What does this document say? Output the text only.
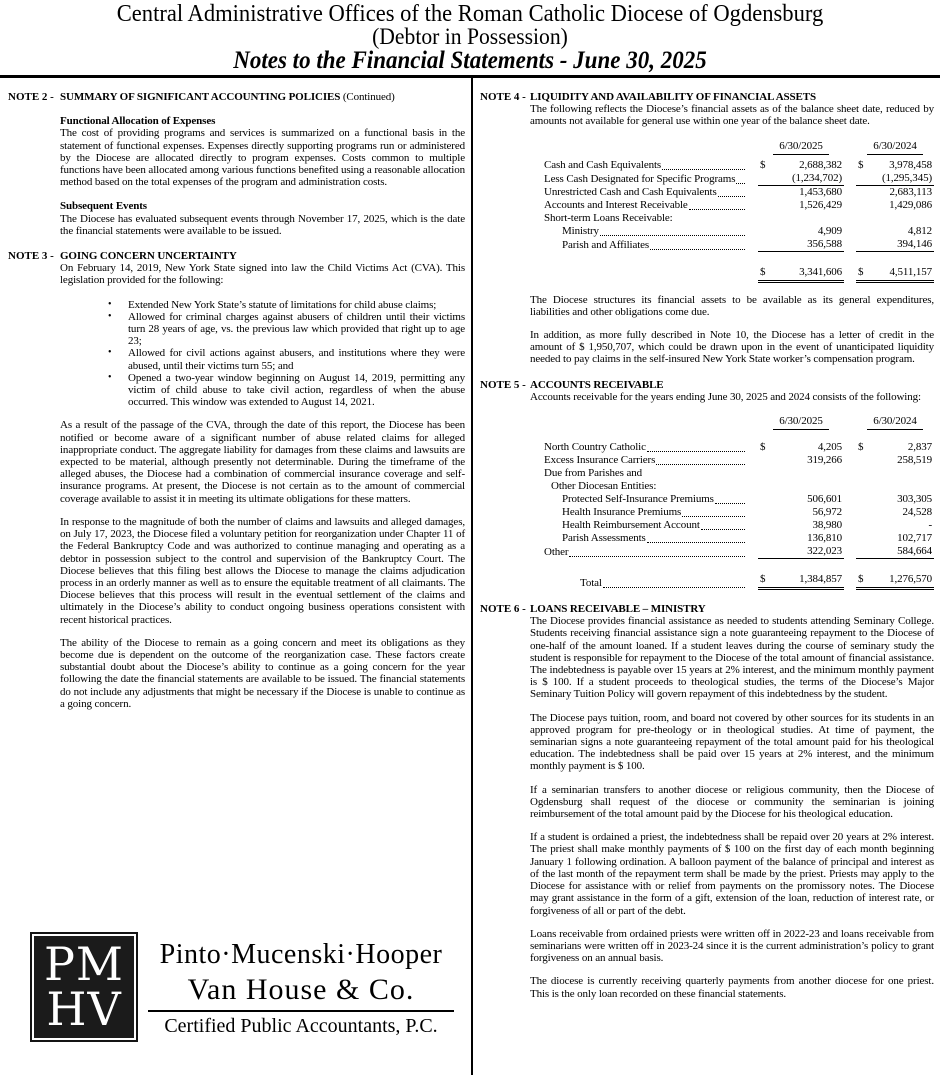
Central Administrative Offices of the Roman Catholic Diocese of Ogdensburg
(Debtor in Possession)
Notes to the Financial Statements - June 30, 2025
NOTE 2 - SUMMARY OF SIGNIFICANT ACCOUNTING POLICIES (Continued)
Functional Allocation of Expenses
The cost of providing programs and services is summarized on a functional basis in the statement of functional expenses. Expenses directly supporting programs run or administered by the Diocese are allocated directly to program expenses. Costs common to multiple functions have been allocated among various functions benefited using a reasonable allocation method based on the total expenses of the program and administration costs.
Subsequent Events
The Diocese has evaluated subsequent events through November 17, 2025, which is the date the financial statements were available to be issued.
NOTE 3 - GOING CONCERN UNCERTAINTY
On February 14, 2019, New York State signed into law the Child Victims Act (CVA). This legislation provided for the following:
•	Extended New York State’s statute of limitations for child abuse claims;
•	Allowed for criminal charges against abusers of children until their victims turn 28 years of age, vs. the previous law which provided that right up to age 23;
•	Allowed for civil actions against abusers, and institutions where they were abused, until their victims turn 55; and
•	Opened a two-year window beginning on August 14, 2019, permitting any victim of child abuse to take civil action, regardless of when the abuse occurred. This window was extended to August 14, 2021.
As a result of the passage of the CVA, through the date of this report, the Diocese has been notified or become aware of a significant number of abuse related claims for alleged inappropriate conduct. The aggregate liability for damages from these claims and lawsuits are expected to be material, although presently not determinable. During the timeframe of the alleged abuses, the Diocese had a combination of commercial insurance coverage and self-insurance programs. At present, the Diocese is not certain as to the amount of commercial coverage available to assist it in meeting its ultimate obligations for these matters.
In response to the magnitude of both the number of claims and lawsuits and alleged damages, on July 17, 2023, the Diocese filed a voluntary petition for reorganization under Chapter 11 of the Federal Bankruptcy Code and was authorized to continue managing and operating as a debtor in possession subject to the control and supervision of the Bankruptcy Court. The Diocese believes that this filing best allows the Diocese to manage the claims adjudication process in an orderly manner as well as to ensure the equitable treatment of all claimants. The Diocese believes that this process will result in the eventual settlement of the claims and ultimately in the Diocese’s ability to conduct ongoing business operations consistent with recent historical practices.
The ability of the Diocese to remain as a going concern and meet its obligations as they become due is dependent on the outcome of the reorganization case. These factors create substantial doubt about the Diocese’s ability to continue as a going concern for the year following the date the financial statements are available to be issued. The financial statements do not include any adjustments that might be necessary if the Diocese is unable to continue as a going concern.
PM
HV
Pinto·Mucenski·Hooper
Van House & Co.
Certified Public Accountants, P.C.
NOTE 4 - LIQUIDITY AND AVAILABILITY OF FINANCIAL ASSETS
The following reflects the Diocese’s financial assets as of the balance sheet date, reduced by amounts not available for general use within one year of the balance sheet date.
6/30/2025	6/30/2024
Cash and Cash Equivalents	$	2,688,382 $ 3,978,458
Less Cash Designated for Specific Programs	(1,234,702)	(1,295,345)
Unrestricted Cash and Cash Equivalents	1,453,680	2,683,113
Accounts and Interest Receivable	1,526,429	1,429,086
Short-term Loans Receivable:
Ministry	4,909	4,812
Parish and Affiliates	356,588	394,146
$	3,341,606 $ 4,511,157
The Diocese structures its financial assets to be available as its general expenditures, liabilities and other obligations come due.
In addition, as more fully described in Note 10, the Diocese has a letter of credit in the amount of $ 1,950,707, which could be drawn upon in the event of unanticipated liquidity needed to pay claims in the self-insured New York State worker’s compensation program.
NOTE 5 - ACCOUNTS RECEIVABLE
Accounts receivable for the years ending June 30, 2025 and 2024 consists of the following:
6/30/2025	6/30/2024
North Country Catholic	$	4,205 $	2,837
Excess Insurance Carriers	319,266	258,519
Due from Parishes and
Other Diocesan Entities:
Protected Self-Insurance Premiums	506,601	303,305
Health Insurance Premiums	56,972	24,528
Health Reimbursement Account	38,980	-
Parish Assessments	136,810	102,717
Other	322,023	584,664
Total	$	1,384,857 $ 1,276,570
NOTE 6 - LOANS RECEIVABLE – MINISTRY
The Diocese provides financial assistance as needed to students attending Seminary College. Students receiving financial assistance sign a note guaranteeing repayment to the Diocese of one-half of the amount loaned. If a student leaves during the course of seminary study the student is responsible for repayment to the Diocese of the total amount of financial assistance. The indebtedness is payable over 15 years at 2% interest, and the minimum monthly payment is $ 100. If a student proceeds to theological studies, the terms of the Diocese’s Major Seminary Tuition Policy will govern repayment of this indebtedness by the student.
The Diocese pays tuition, room, and board not covered by other sources for its students in an approved program for pre-theology or in theological studies. At time of payment, the seminarian signs a note guaranteeing repayment of the total amount paid for his theological education. The indebtedness shall be paid over 15 years at 2% interest, and the minimum monthly payment is $ 100.
If a seminarian transfers to another diocese or religious community, then the Diocese of Ogdensburg shall request of the diocese or community the seminarian is joining reimbursement of the total amount paid by the Diocese for his theological education.
If a student is ordained a priest, the indebtedness shall be repaid over 20 years at 2% interest. The priest shall make monthly payments of $ 100 on the first day of each month beginning January 1 following ordination. A balloon payment of the balance of principal and interest as of the last month of the repayment term shall be made by the priest. Priests may apply to the Diocese for assistance with or relief from payments on the promissory notes. The Diocese may grant assistance in the form of a gift, extension of the loan, reduction of interest rate, or forgiveness of all or part of the debt.
Loans receivable from ordained priests were written off in 2022-23 and loans receivable from seminarians were written off in 2023-24 since it is the current administration’s policy to grant forgiveness on an annual basis.
The diocese is currently receiving quarterly payments from another diocese for one priest. This is the only loan recorded on these financial statements.
